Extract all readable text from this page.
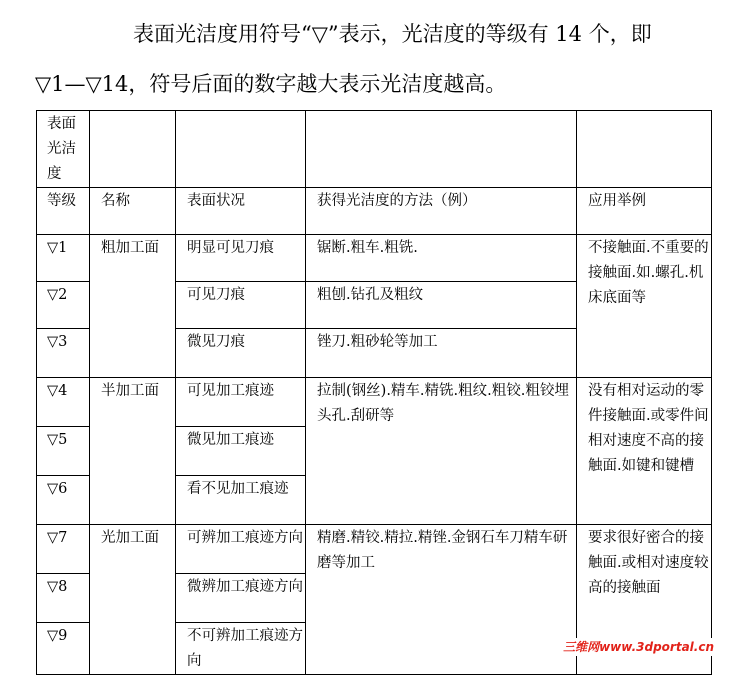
表面光洁度用符号“▽”表示，光洁度的等级有 14 个，即
▽1—▽14，符号后面的数字越大表示光洁度越高。
表面光洁度				
等级	名称	表面状况	获得光洁度的方法（例）	应用举例
▽1	粗加工面	明显可见刀痕	锯断.粗车.粗铣.	不接触面.不重要的接触面.如.螺孔.机床底面等
▽2		可见刀痕	粗刨.钻孔及粗纹	
▽3		微见刀痕	锉刀.粗砂轮等加工	
▽4	半加工面	可见加工痕迹	拉制(钢丝).精车.精铣.粗纹.粗铰.粗铰埋头孔.刮研等	没有相对运动的零件接触面.或零件间相对速度不高的接触面.如键和键槽
▽5		微见加工痕迹		
▽6		看不见加工痕迹		
▽7	光加工面	可辨加工痕迹方向	精磨.精铰.精拉.精锉.金钢石车刀精车研磨等加工	要求很好密合的接触面.或相对速度较高的接触面
▽8		微辨加工痕迹方向		
▽9		不可辨加工痕迹方向		
三维网www.3dportal.cn
